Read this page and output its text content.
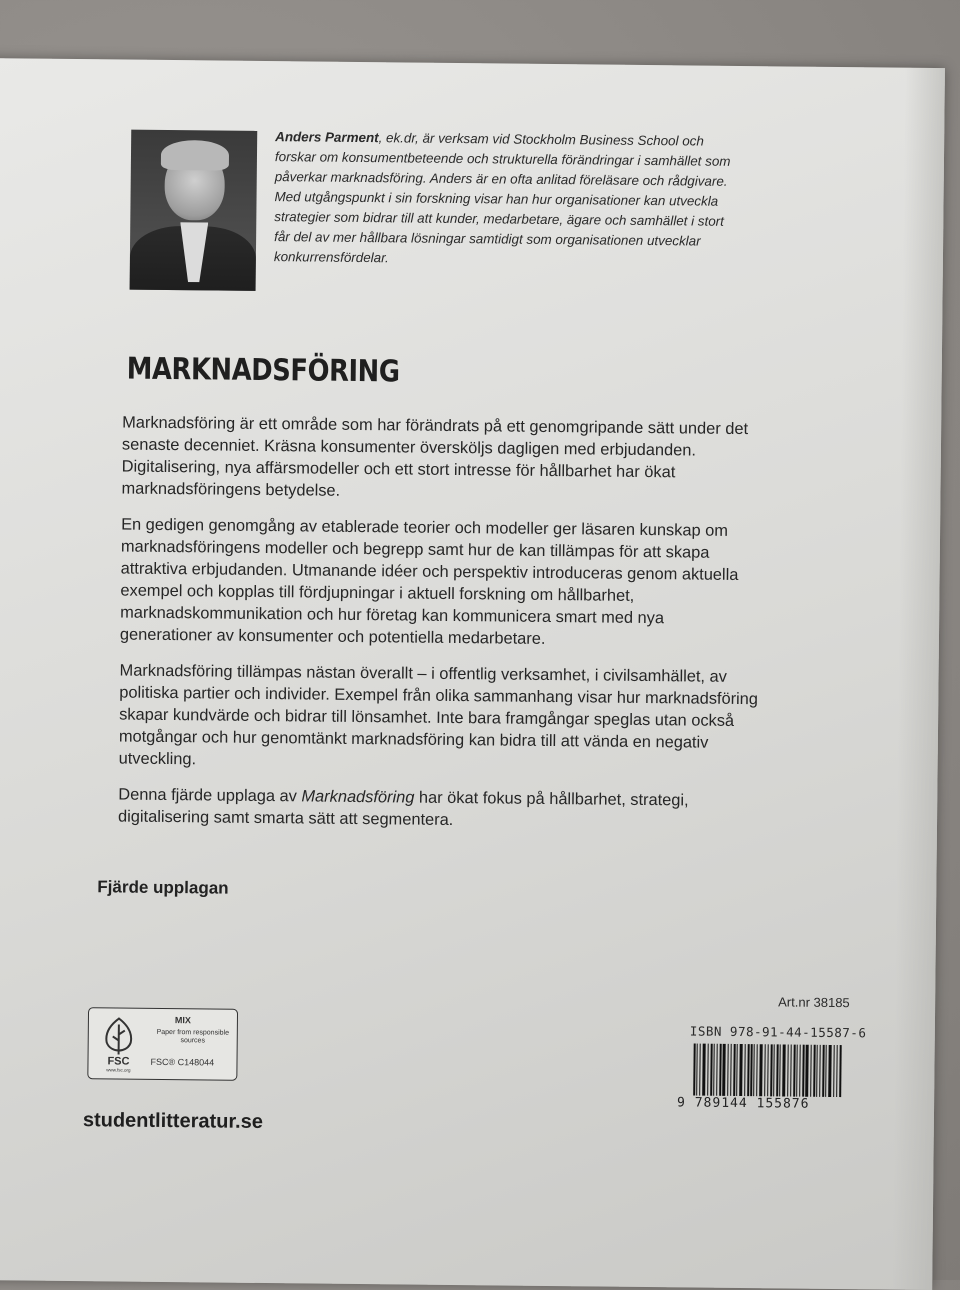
Anders Parment, ek.dr, är verksam vid Stockholm Business School och forskar om konsumentbeteende och strukturella förändringar i samhället som påverkar marknadsföring. Anders är en ofta anlitad föreläsare och rådgivare. Med utgångspunkt i sin forskning visar han hur organisationer kan utveckla strategier som bidrar till att kunder, medarbetare, ägare och samhället i stort får del av mer hållbara lösningar samtidigt som organisationen utvecklar konkurrensfördelar.
MARKNADSFÖRING

Marknadsföring är ett område som har förändrats på ett genomgripande sätt under det senaste decenniet. Kräsna konsumenter översköljs dagligen med erbjudanden. Digitalisering, nya affärsmodeller och ett stort intresse för hållbarhet har ökat marknadsföringens betydelse.

En gedigen genomgång av etablerade teorier och modeller ger läsaren kunskap om marknadsföringens modeller och begrepp samt hur de kan tillämpas för att skapa attraktiva erbjudanden. Utmanande idéer och perspektiv introduceras genom aktuella exempel och kopplas till fördjupningar i aktuell forskning om hållbarhet, marknadskommunikation och hur företag kan kommunicera smart med nya generationer av konsumenter och potentiella medarbetare.

Marknadsföring tillämpas nästan överallt – i offentlig verksamhet, i civilsamhället, av politiska partier och individer. Exempel från olika sammanhang visar hur marknadsföring skapar kundvärde och bidrar till lönsamhet. Inte bara framgångar speglas utan också motgångar och hur genomtänkt marknadsföring kan bidra till att vända en negativ utveckling.

Denna fjärde upplaga av Marknadsföring har ökat fokus på hållbarhet, strategi, digitalisering samt smarta sätt att segmentera.

Fjärde upplagan
FSC
www.fsc.org
MIX
Paper from responsible sources
FSC® C148044
studentlitteratur.se
Art.nr 38185
ISBN 978-91-44-15587-6
9 789144 155876
